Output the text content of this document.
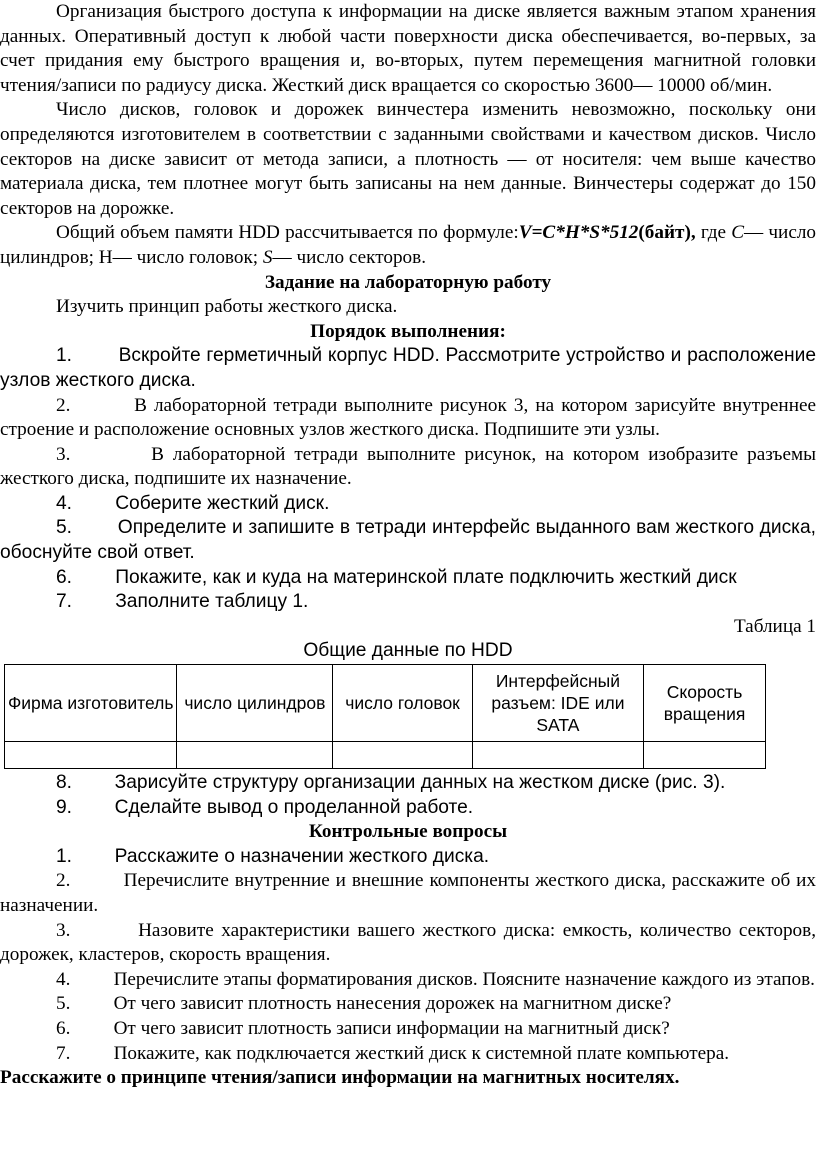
Организация быстрого доступа к информации на диске является важным этапом хранения данных. Оперативный доступ к любой части поверхности диска обеспечивается, во-первых, за счет придания ему быстрого вращения и, во-вторых, путем перемещения магнитной головки чтения/записи по радиусу диска. Жесткий диск вращается со скоростью 3600— 10000 об/мин.

Число дисков, головок и дорожек винчестера изменить невозможно, поскольку они определяются изготовителем в соответствии с заданными свойствами и качеством дисков. Число секторов на диске зависит от метода записи, а плотность — от носителя: чем выше качество материала диска, тем плотнее могут быть записаны на нем данные. Винчестеры содержат до 150 секторов на дорожке.

Общий объем памяти HDD рассчитывается по формуле:V=C*H*S*512(байт), где С— число цилиндров; Н— число головок; S— число секторов.

Задание на лабораторную работу

Изучить принцип работы жесткого диска.

Порядок выполнения:

1. Вскройте герметичный корпус HDD. Рассмотрите устройство и расположение узлов жесткого диска.

2.	В лабораторной тетради выполните рисунок 3, на котором зарисуйте внутреннее строение и расположение основных узлов жесткого диска. Подпишите эти узлы.

3.	В лабораторной тетради выполните рисунок, на котором изобразите разъемы жесткого диска, подпишите их назначение.

4. Соберите жесткий диск.

5. Определите и запишите в тетради интерфейс выданного вам жесткого диска, обоснуйте свой ответ.

6. Покажите, как и куда на материнской плате подключить жесткий диск

7. Заполните таблицу 1.

Таблица 1

Общие данные по HDD

Фирма изготовитель	число цилиндров	число головок	Интерфейсный разъем: IDE или SATA	Скорость вращения

8. Зарисуйте структуру организации данных на жестком диске (рис. 3).

9. Сделайте вывод о проделанной работе.

Контрольные вопросы

1. Расскажите о назначении жесткого диска.

2.	Перечислите внутренние и внешние компоненты жесткого диска, расскажите об их назначении.

3.	Назовите характеристики вашего жесткого диска: емкость, количество секторов, дорожек, кластеров, скорость вращения.

4. Перечислите этапы форматирования дисков. Поясните назначение каждого из этапов.

5. От чего зависит плотность нанесения дорожек на магнитном диске?

6. От чего зависит плотность записи информации на магнитный диск?

7. Покажите, как подключается жесткий диск к системной плате компьютера.

Расскажите о принципе чтения/записи информации на магнитных носителях.
